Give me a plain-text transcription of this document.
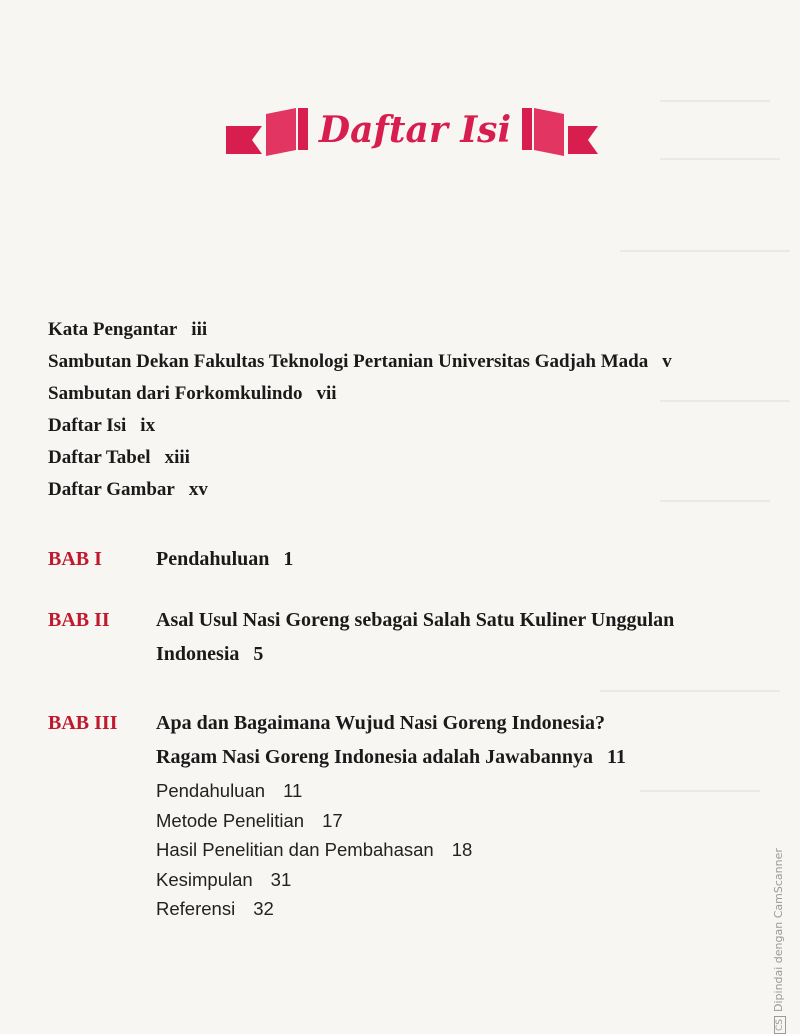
Daftar Isi
Kata Pengantar iii
Sambutan Dekan Fakultas Teknologi Pertanian Universitas Gadjah Mada v
Sambutan dari Forkomkulindo vii
Daftar Isi ix
Daftar Tabel xiii
Daftar Gambar xv
BAB I	Pendahuluan 1
BAB II Asal Usul Nasi Goreng sebagai Salah Satu Kuliner Unggulan
Indonesia 5
BAB III Apa dan Bagaimana Wujud Nasi Goreng Indonesia?
Ragam Nasi Goreng Indonesia adalah Jawabannya 11
Pendahuluan 11
Metode Penelitian 17
Hasil Penelitian dan Pembahasan 18
Kesimpulan 31
Referensi 32
CSDipindai dengan CamScanner
